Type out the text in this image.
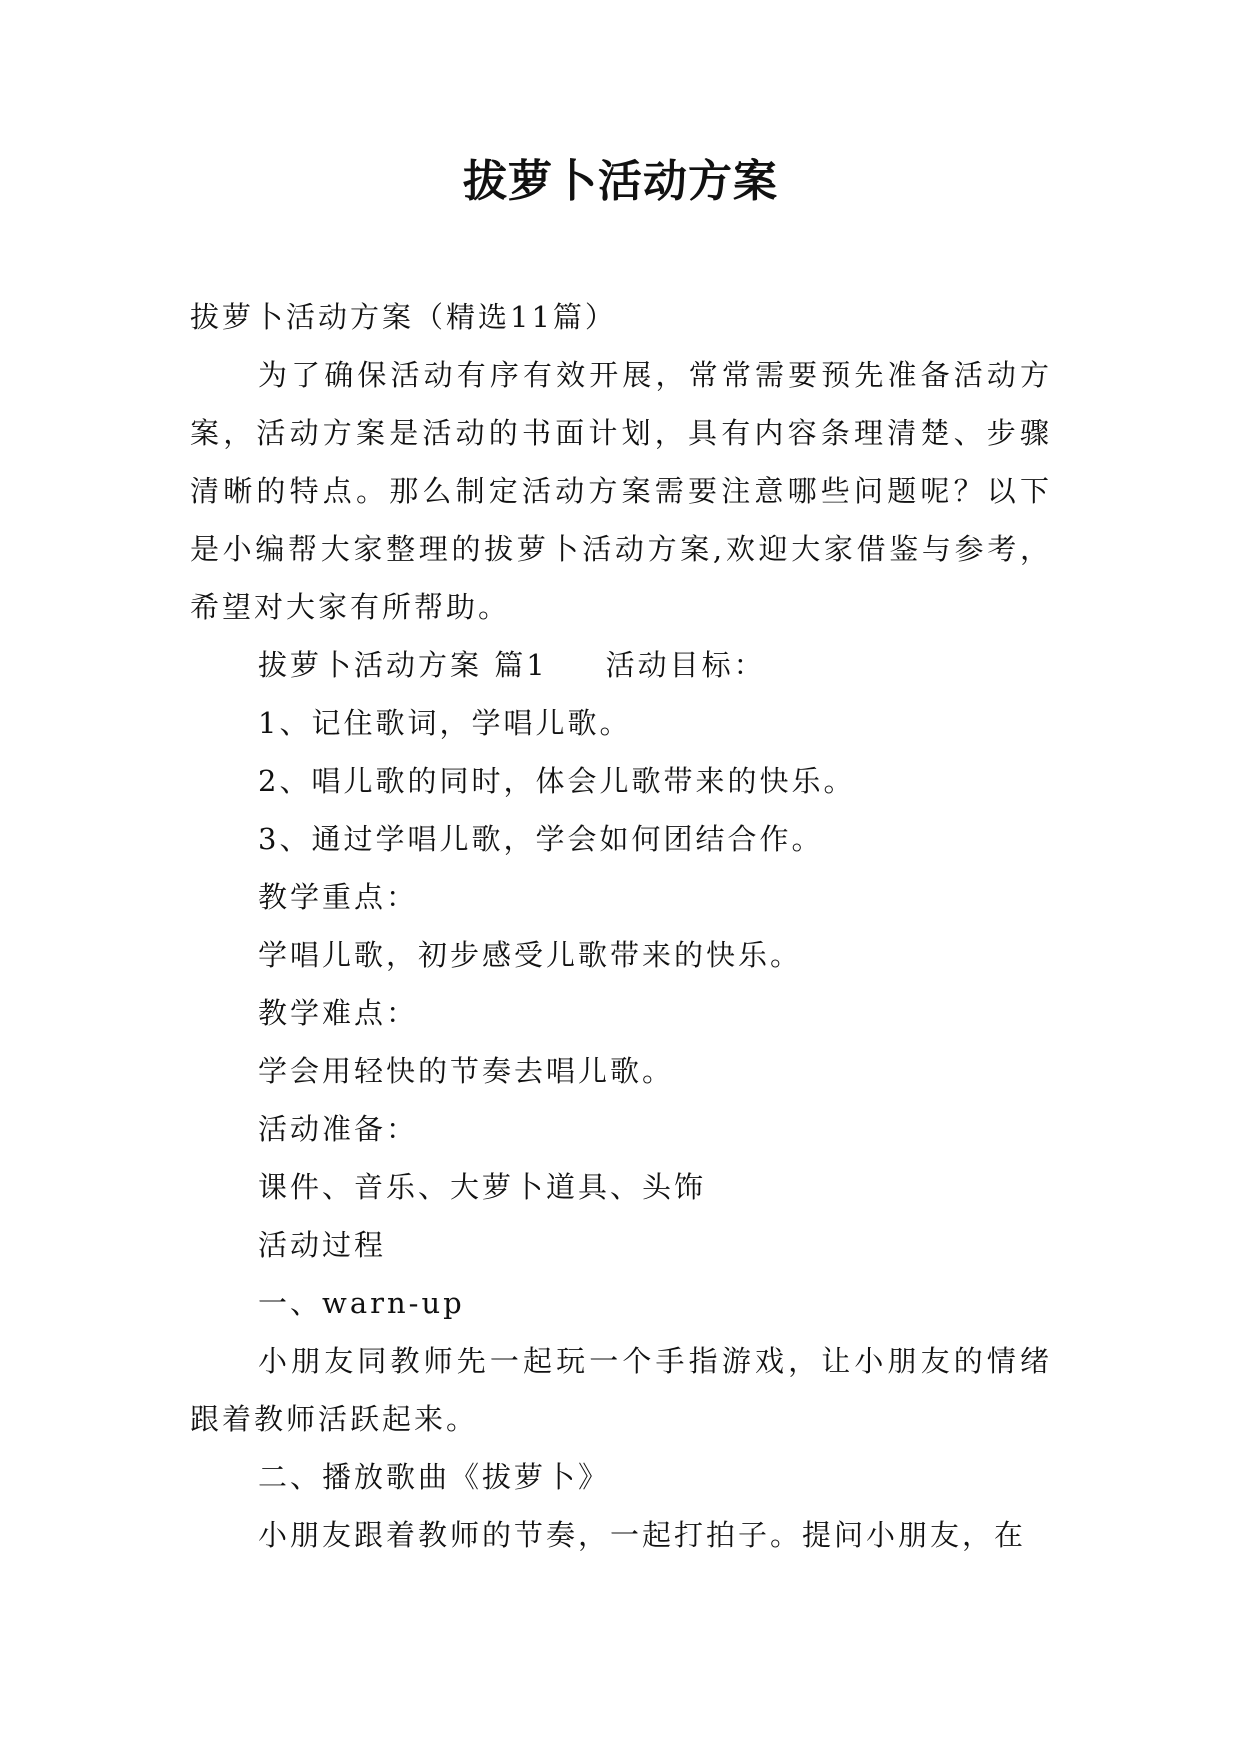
拔萝卜活动方案

拔萝卜活动方案（精选11篇）

为了确保活动有序有效开展，常常需要预先准备活动方案，活动方案是活动的书面计划，具有内容条理清楚、步骤清晰的特点。那么制定活动方案需要注意哪些问题呢？以下是小编帮大家整理的拔萝卜活动方案,欢迎大家借鉴与参考，希望对大家有所帮助。

拔萝卜活动方案 篇1 活动目标：

1、记住歌词，学唱儿歌。

2、唱儿歌的同时，体会儿歌带来的快乐。

3、通过学唱儿歌，学会如何团结合作。

教学重点：

学唱儿歌，初步感受儿歌带来的快乐。

教学难点：

学会用轻快的节奏去唱儿歌。

活动准备：

课件、音乐、大萝卜道具、头饰

活动过程

一、warn-up

小朋友同教师先一起玩一个手指游戏，让小朋友的情绪跟着教师活跃起来。

二、播放歌曲《拔萝卜》

小朋友跟着教师的节奏，一起打拍子。提问小朋友，在
